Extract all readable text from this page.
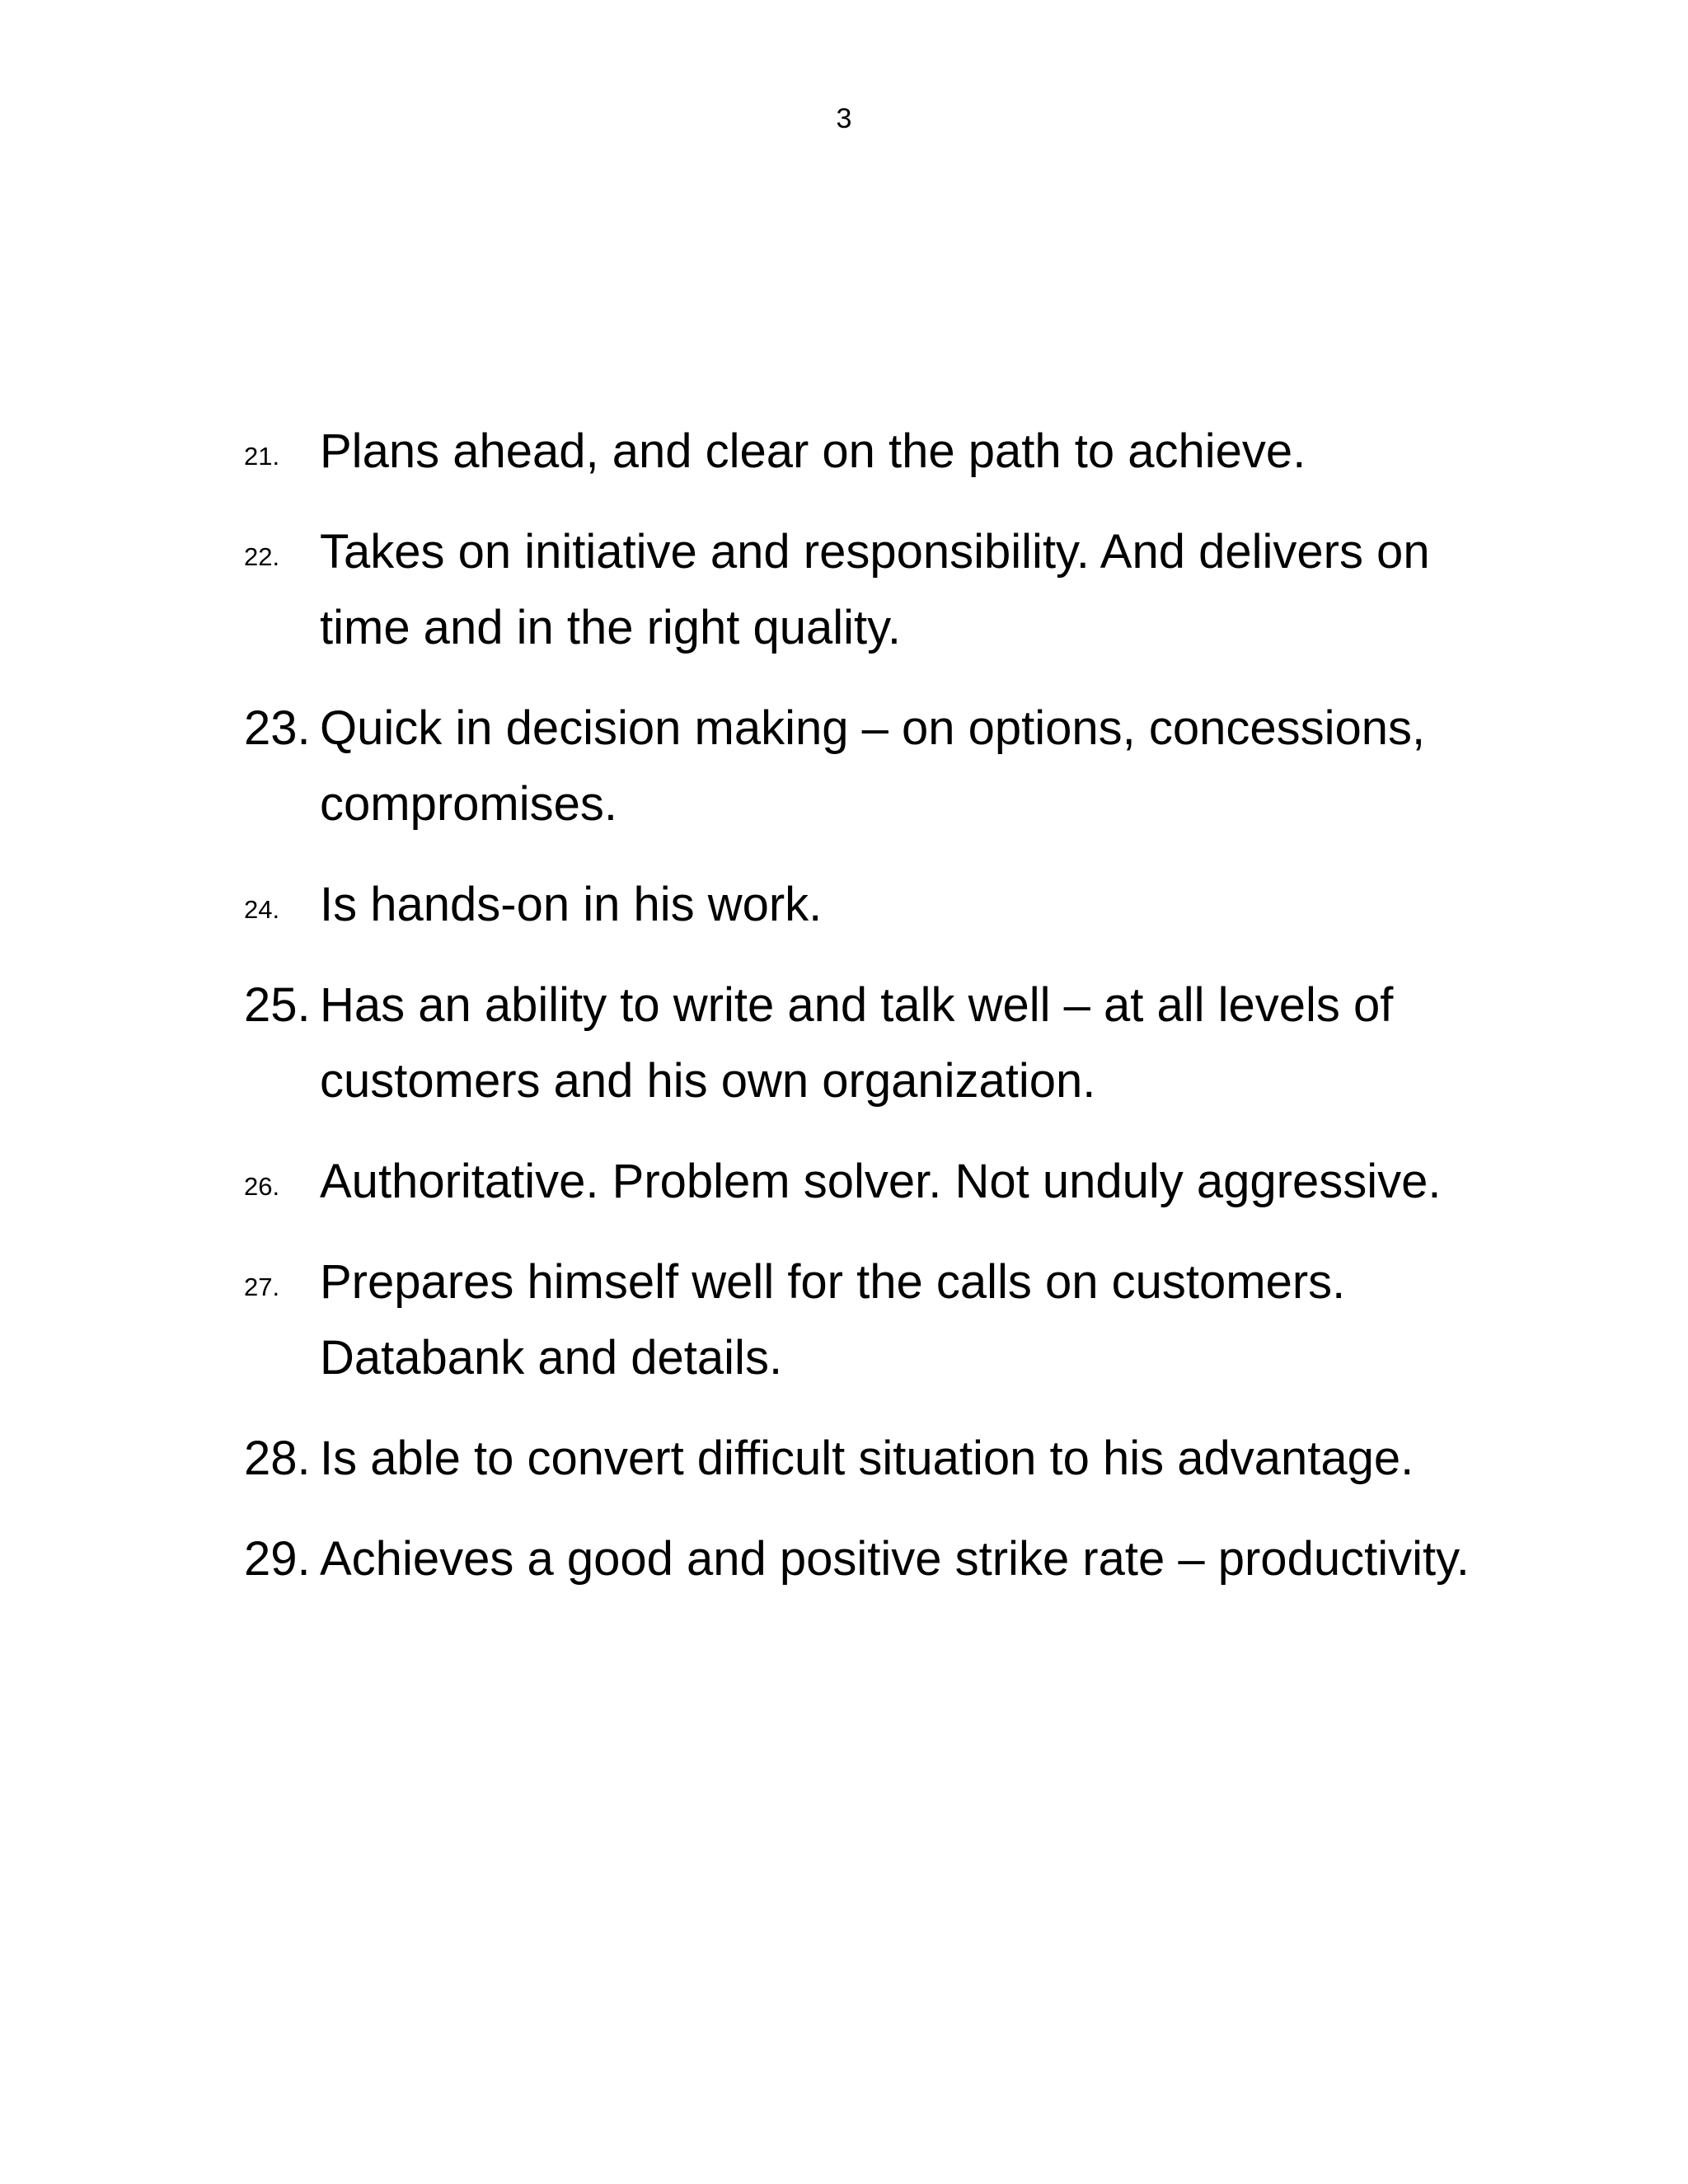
3
21. Plans ahead, and clear on the path to achieve.
22. Takes on initiative and responsibility. And delivers on time and in the right quality.
23. Quick in decision making – on options, concessions, compromises.
24. Is hands-on in his work.
25. Has an ability to write and talk well – at all levels of customers and his own organization.
26. Authoritative. Problem solver. Not unduly aggressive.
27. Prepares himself well for the calls on customers. Databank and details.
28. Is able to convert difficult situation to his advantage.
29. Achieves a good and positive strike rate – productivity.
